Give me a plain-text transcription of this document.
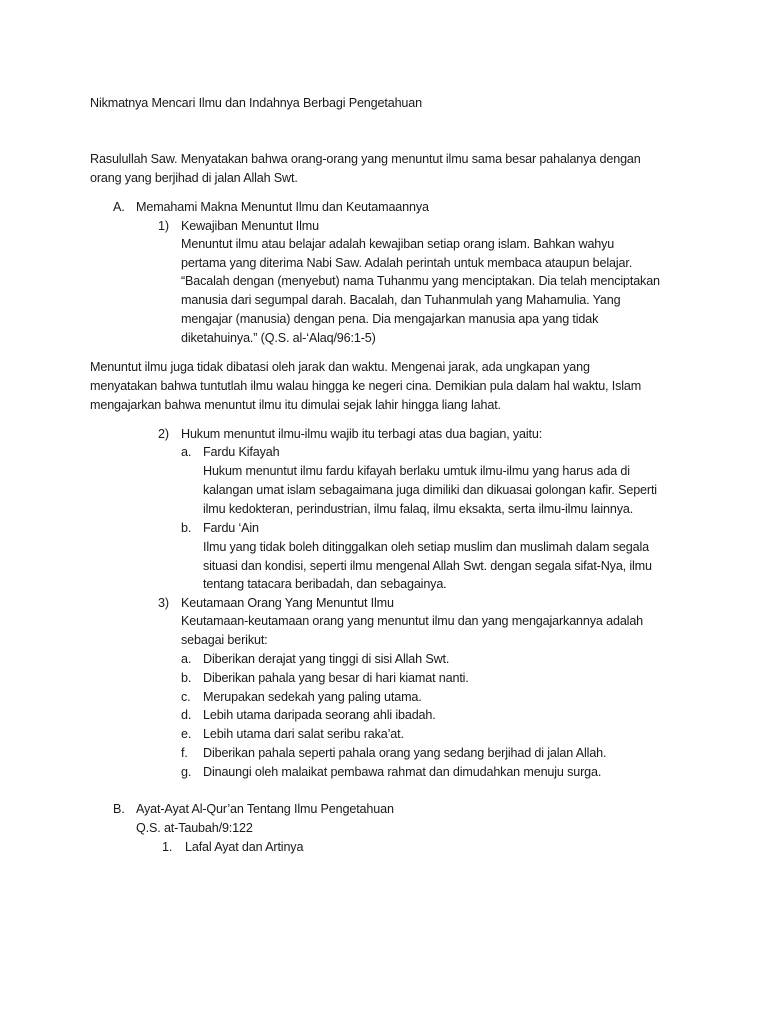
Nikmatnya Mencari Ilmu dan Indahnya Berbagi Pengetahuan
Rasulullah Saw. Menyatakan bahwa orang-orang yang menuntut ilmu sama besar pahalanya dengan
orang yang berjihad di jalan Allah Swt.
A. Memahami Makna Menuntut Ilmu dan Keutamaannya
1) Kewajiban Menuntut Ilmu
Menuntut ilmu atau belajar adalah kewajiban setiap orang islam. Bahkan wahyu
pertama yang diterima Nabi Saw. Adalah perintah untuk membaca ataupun belajar.
“Bacalah dengan (menyebut) nama Tuhanmu yang menciptakan. Dia telah menciptakan
manusia dari segumpal darah. Bacalah, dan Tuhanmulah yang Mahamulia. Yang
mengajar (manusia) dengan pena. Dia mengajarkan manusia apa yang tidak
diketahuinya.” (Q.S. al-‘Alaq/96:1-5)
Menuntut ilmu juga tidak dibatasi oleh jarak dan waktu. Mengenai jarak, ada ungkapan yang
menyatakan bahwa tuntutlah ilmu walau hingga ke negeri cina. Demikian pula dalam hal waktu, Islam
mengajarkan bahwa menuntut ilmu itu dimulai sejak lahir hingga liang lahat.
2) Hukum menuntut ilmu-ilmu wajib itu terbagi atas dua bagian, yaitu:
a. Fardu Kifayah
Hukum menuntut ilmu fardu kifayah berlaku umtuk ilmu-ilmu yang harus ada di
kalangan umat islam sebagaimana juga dimiliki dan dikuasai golongan kafir. Seperti
ilmu kedokteran, perindustrian, ilmu falaq, ilmu eksakta, serta ilmu-ilmu lainnya.
b. Fardu ‘Ain
Ilmu yang tidak boleh ditinggalkan oleh setiap muslim dan muslimah dalam segala
situasi dan kondisi, seperti ilmu mengenal Allah Swt. dengan segala sifat-Nya, ilmu
tentang tatacara beribadah, dan sebagainya.
3) Keutamaan Orang Yang Menuntut Ilmu
Keutamaan-keutamaan orang yang menuntut ilmu dan yang mengajarkannya adalah
sebagai berikut:
a. Diberikan derajat yang tinggi di sisi Allah Swt.
b. Diberikan pahala yang besar di hari kiamat nanti.
c. Merupakan sedekah yang paling utama.
d. Lebih utama daripada seorang ahli ibadah.
e. Lebih utama dari salat seribu raka’at.
f. Diberikan pahala seperti pahala orang yang sedang berjihad di jalan Allah.
g. Dinaungi oleh malaikat pembawa rahmat dan dimudahkan menuju surga.
B. Ayat-Ayat Al-Qur’an Tentang Ilmu Pengetahuan
Q.S. at-Taubah/9:122
1. Lafal Ayat dan Artinya
